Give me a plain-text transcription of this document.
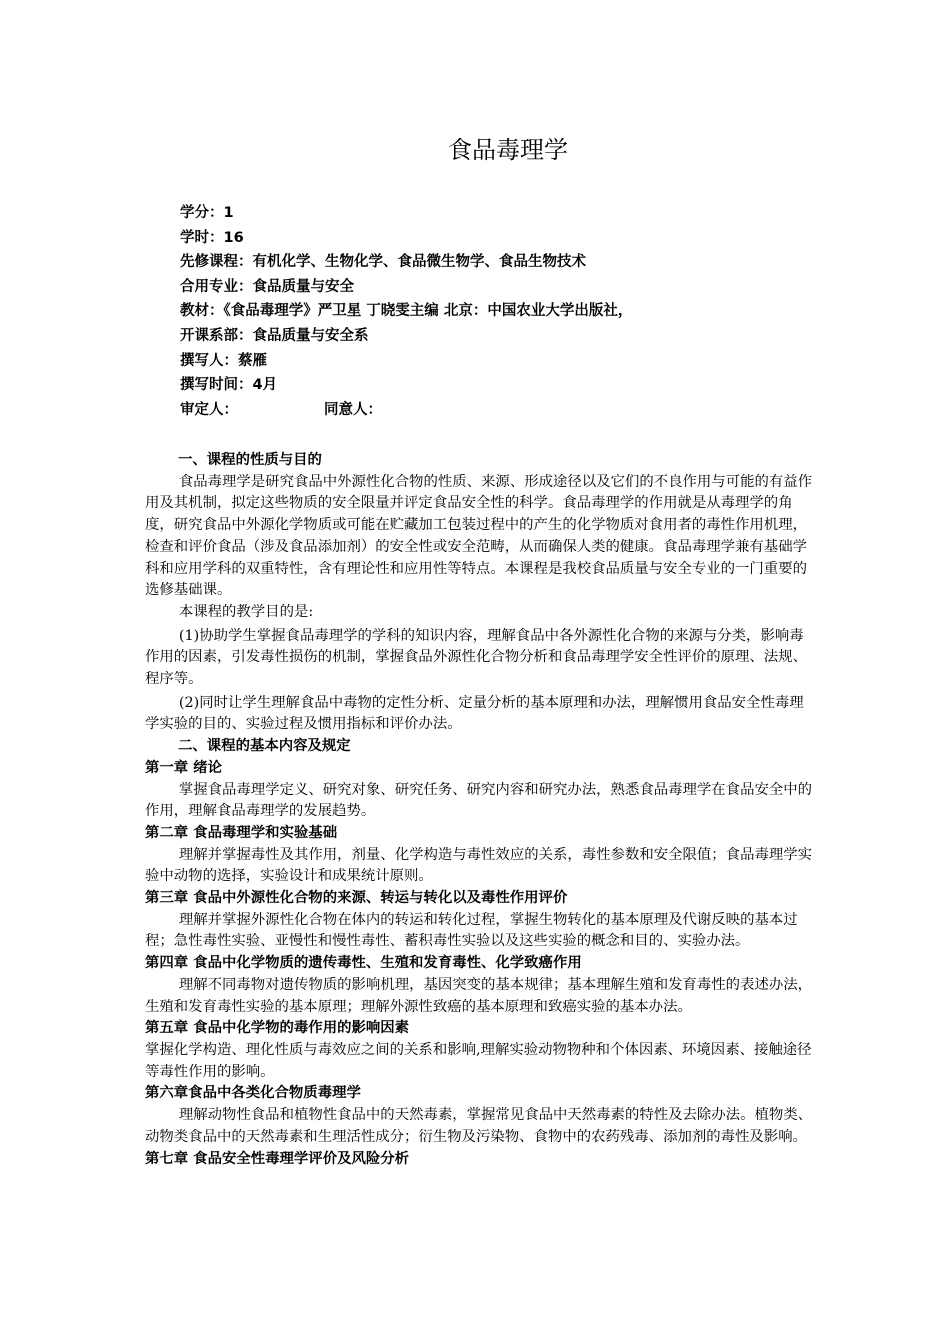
食品毒理学
学分：1
学时：16
先修课程：有机化学、生物化学、食品微生物学、食品生物技术
合用专业：食品质量与安全
教材：《食品毒理学》严卫星 丁晓雯主编 北京：中国农业大学出版社，
开课系部：食品质量与安全系
撰写人：蔡雁
撰写时间：4月
审定人：	同意人：

一、课程的性质与目的

食品毒理学是研究食品中外源性化合物的性质、来源、形成途径以及它们的不良作用与可能的有益作用及其机制，拟定这些物质的安全限量并评定食品安全性的科学。食品毒理学的作用就是从毒理学的角度，研究食品中外源化学物质或可能在贮藏加工包装过程中的产生的化学物质对食用者的毒性作用机理，检查和评价食品（涉及食品添加剂）的安全性或安全范畴，从而确保人类的健康。食品毒理学兼有基础学科和应用学科的双重特性，含有理论性和应用性等特点。本课程是我校食品质量与安全专业的一门重要的选修基础课。

本课程的教学目的是:

(1)协助学生掌握食品毒理学的学科的知识内容，理解食品中各外源性化合物的来源与分类，影响毒作用的因素，引发毒性损伤的机制，掌握食品外源性化合物分析和食品毒理学安全性评价的原理、法规、程序等。

(2)同时让学生理解食品中毒物的定性分析、定量分析的基本原理和办法，理解惯用食品安全性毒理学实验的目的、实验过程及惯用指标和评价办法。

二、课程的基本内容及规定

第一章 绪论

掌握食品毒理学定义、研究对象、研究任务、研究内容和研究办法，熟悉食品毒理学在食品安全中的作用，理解食品毒理学的发展趋势。

第二章 食品毒理学和实验基础

理解并掌握毒性及其作用，剂量、化学构造与毒性效应的关系，毒性参数和安全限值；食品毒理学实验中动物的选择，实验设计和成果统计原则。

第三章 食品中外源性化合物的来源、转运与转化以及毒性作用评价

理解并掌握外源性化合物在体内的转运和转化过程，掌握生物转化的基本原理及代谢反映的基本过程；急性毒性实验、亚慢性和慢性毒性、蓄积毒性实验以及这些实验的概念和目的、实验办法。

第四章 食品中化学物质的遗传毒性、生殖和发育毒性、化学致癌作用

理解不同毒物对遗传物质的影响机理，基因突变的基本规律；基本理解生殖和发育毒性的表述办法，生殖和发育毒性实验的基本原理；理解外源性致癌的基本原理和致癌实验的基本办法。

第五章 食品中化学物的毒作用的影响因素

掌握化学构造、理化性质与毒效应之间的关系和影响,理解实验动物物种和个体因素、环境因素、接触途径等毒性作用的影响。

第六章食品中各类化合物质毒理学

理解动物性食品和植物性食品中的天然毒素，掌握常见食品中天然毒素的特性及去除办法。植物类、动物类食品中的天然毒素和生理活性成分；衍生物及污染物、食物中的农药残毒、添加剂的毒性及影响。

第七章 食品安全性毒理学评价及风险分析
